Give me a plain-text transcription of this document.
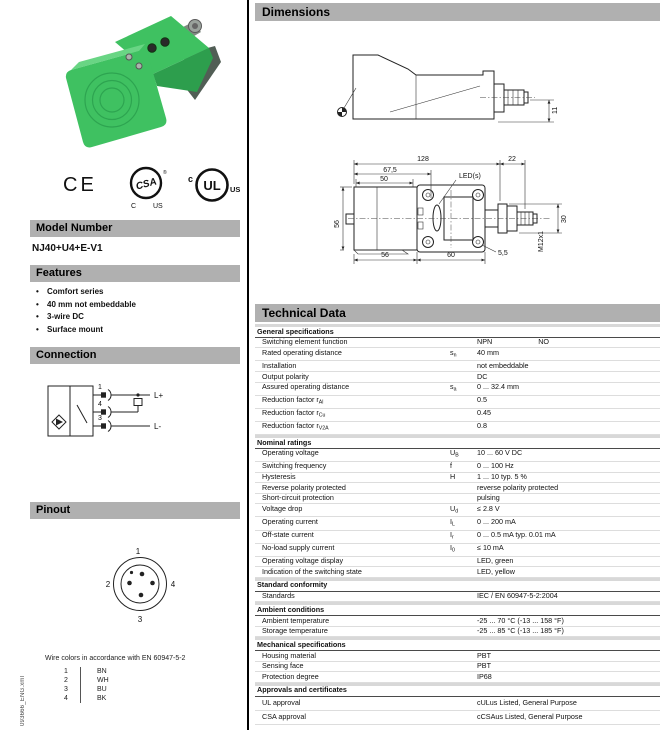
CE	CSA
®
C US
UL
c
US
Model Number
NJ40+U4+E-V1
Features
•	Comfort series
•	40 mm not embeddable
•	3-wire DC
•	Surface mount
Connection
1
L+
4
3
L-
Pinout
1
2
3
4
093666_ENG.xml
Wire colors in accordance with EN 60947-5-2
1	BN
2	WH
3	BU
4	BK
Dimensions
11
128	22
67,5
50	LED(s)
56	60	5,5
56
M12x1
30
Technical Data
General specifications
Switching element function	NPN	NO
Rated operating distance	$s_n$	40 mm
Installation	not embeddable
Output polarity	DC
Assured operating distance	$s_a$	0 ... 32.4 mm
Reduction factor $r_{Al}$	0.5
Reduction factor $r_{Cu}$	0.45
Reduction factor $r_{V2A}$	0.8
Nominal ratings
Operating voltage	$U_B$	10 ... 60 V DC
Switching frequency	f	0 ... 100 Hz
Hysteresis	H	1 ... 10 typ. 5 %
Reverse polarity protected	reverse polarity protected
Short-circuit protection	pulsing
Voltage drop	$U_d$	≤ 2.8 V
Operating current	$I_L$	0 ... 200 mA
Off-state current	$I_r$	0 ... 0.5 mA typ. 0.01 mA
No-load supply current	$I_0$	≤ 10 mA
Operating voltage display	LED, green
Indication of the switching state	LED, yellow
Standard conformity
Standards	IEC / EN 60947-5-2:2004
Ambient conditions
Ambient temperature	-25 ... 70 °C (-13 ... 158 °F)
Storage temperature	-25 ... 85 °C (-13 ... 185 °F)
Mechanical specifications
Housing material	PBT
Sensing face	PBT
Protection degree	IP68
Approvals and certificates
UL approval	cULus Listed, General Purpose
CSA approval	cCSAus Listed, General Purpose
